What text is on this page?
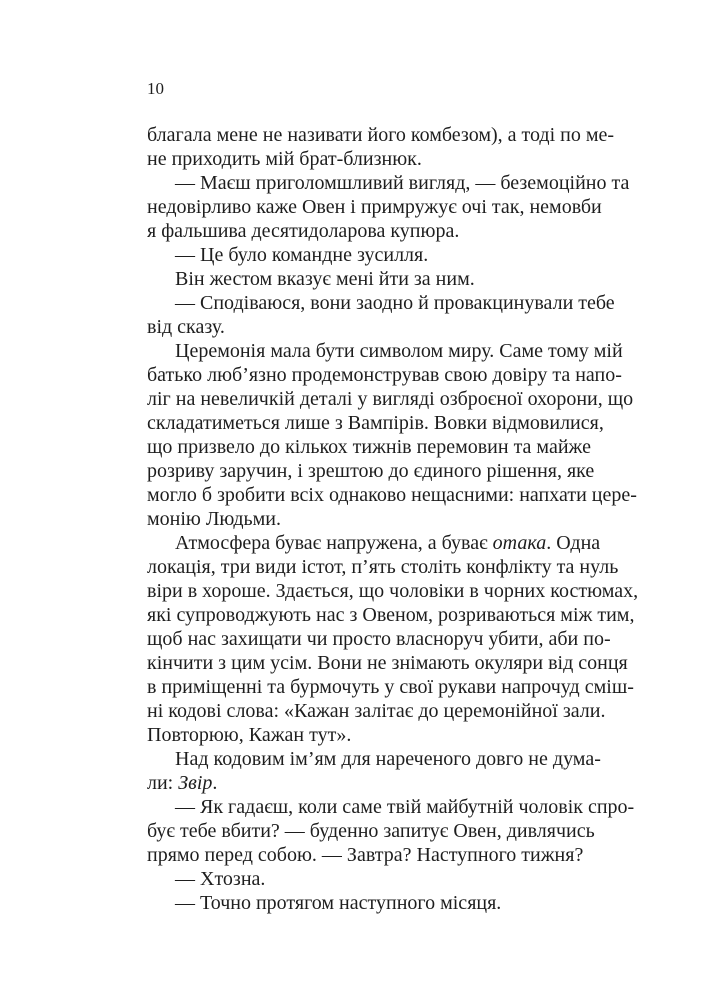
10
благала мене не називати його комбезом), а тоді по ме-
не приходить мій брат-близнюк.
— Маєш приголомшливий вигляд, — беземоційно та
недовірливо каже Овен і примружує очі так, немовби
я фальшива десятидоларова купюра.
— Це було командне зусилля.
Він жестом вказує мені йти за ним.
— Сподіваюся, вони заодно й провакцинували тебе
від сказу.
Церемонія мала бути символом миру. Саме тому мій
батько люб’язно продемонстрував свою довіру та напо-
ліг на невеличкій деталі у вигляді озброєної охорони, що
складатиметься лише з Вампірів. Вовки відмовилися,
що призвело до кількох тижнів перемовин та майже
розриву заручин, і зрештою до єдиного рішення, яке
могло б зробити всіх однаково нещасними: напхати цере-
монію Людьми.
Атмосфера буває напружена, а буває отака. Одна
локація, три види істот, п’ять століть конфлікту та нуль
віри в хороше. Здається, що чоловіки в чорних костюмах,
які супроводжують нас з Овеном, розриваються між тим,
щоб нас захищати чи просто власноруч убити, аби по-
кінчити з цим усім. Вони не знімають окуляри від сонця
в приміщенні та бурмочуть у свої рукави напрочуд сміш-
ні кодові слова: «Кажан залітає до церемонійної зали.
Повторюю, Кажан тут».
Над кодовим ім’ям для нареченого довго не дума-
ли: Звір.
— Як гадаєш, коли саме твій майбутній чоловік спро-
бує тебе вбити? — буденно запитує Овен, дивлячись
прямо перед собою. — Завтра? Наступного тижня?
— Хтозна.
— Точно протягом наступного місяця.
